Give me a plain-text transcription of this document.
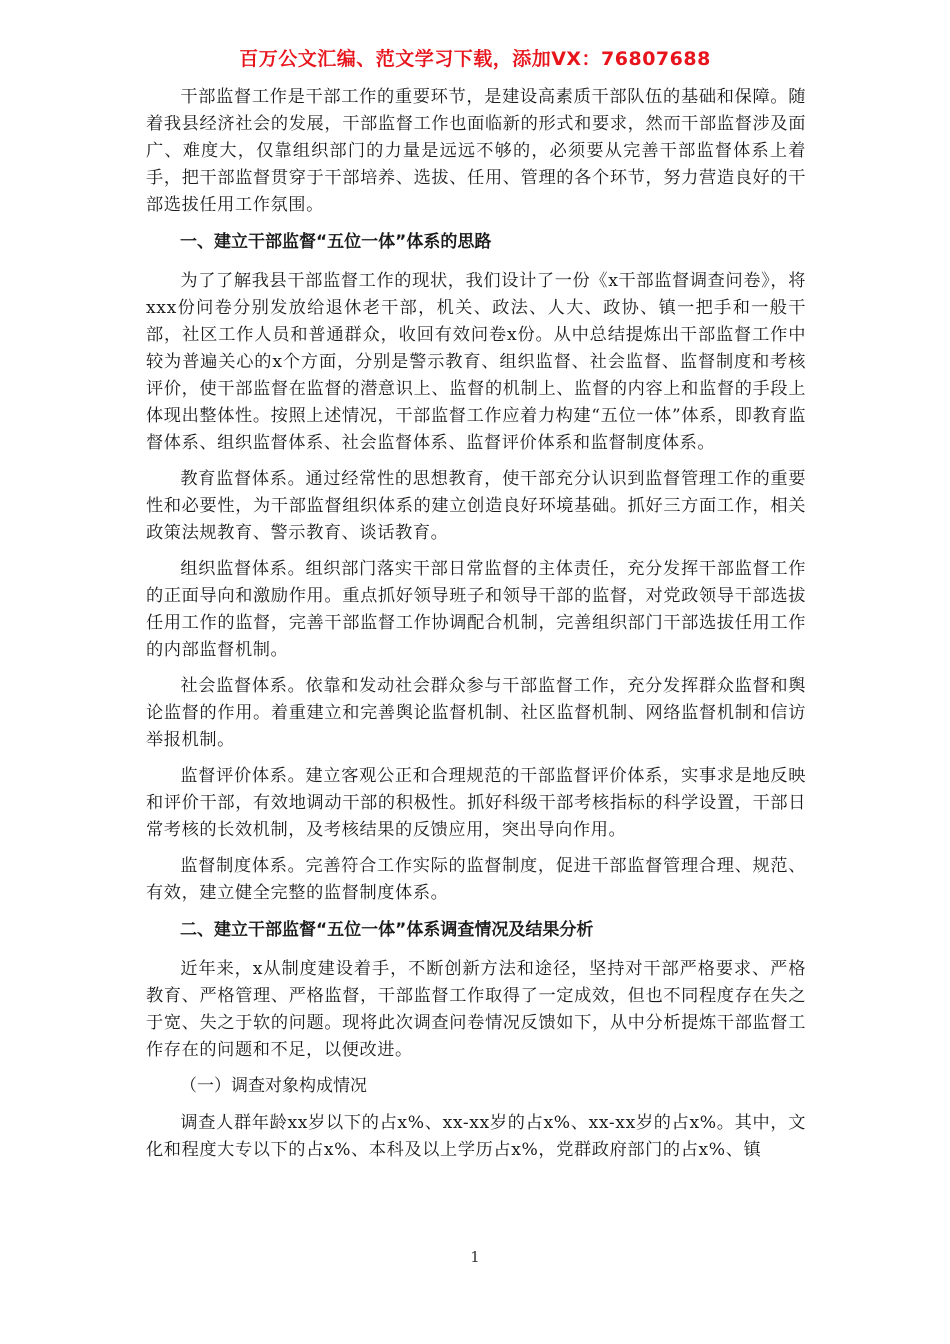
百万公文汇编、范文学习下载，添加VX：76807688

干部监督工作是干部工作的重要环节，是建设高素质干部队伍的基础和保障。随着我县经济社会的发展，干部监督工作也面临新的形式和要求，然而干部监督涉及面广、难度大，仅靠组织部门的力量是远远不够的，必须要从完善干部监督体系上着手，把干部监督贯穿于干部培养、选拔、任用、管理的各个环节，努力营造良好的干部选拔任用工作氛围。

一、建立干部监督“五位一体”体系的思路

为了了解我县干部监督工作的现状，我们设计了一份《x干部监督调查问卷》，将xxx份问卷分别发放给退休老干部，机关、政法、人大、政协、镇一把手和一般干部，社区工作人员和普通群众，收回有效问卷x份。从中总结提炼出干部监督工作中较为普遍关心的x个方面，分别是警示教育、组织监督、社会监督、监督制度和考核评价，使干部监督在监督的潜意识上、监督的机制上、监督的内容上和监督的手段上体现出整体性。按照上述情况，干部监督工作应着力构建“五位一体”体系，即教育监督体系、组织监督体系、社会监督体系、监督评价体系和监督制度体系。

教育监督体系。通过经常性的思想教育，使干部充分认识到监督管理工作的重要性和必要性，为干部监督组织体系的建立创造良好环境基础。抓好三方面工作，相关政策法规教育、警示教育、谈话教育。

组织监督体系。组织部门落实干部日常监督的主体责任，充分发挥干部监督工作的正面导向和激励作用。重点抓好领导班子和领导干部的监督，对党政领导干部选拔任用工作的监督，完善干部监督工作协调配合机制，完善组织部门干部选拔任用工作的内部监督机制。

社会监督体系。依靠和发动社会群众参与干部监督工作，充分发挥群众监督和舆论监督的作用。着重建立和完善舆论监督机制、社区监督机制、网络监督机制和信访举报机制。

监督评价体系。建立客观公正和合理规范的干部监督评价体系，实事求是地反映和评价干部，有效地调动干部的积极性。抓好科级干部考核指标的科学设置，干部日常考核的长效机制，及考核结果的反馈应用，突出导向作用。

监督制度体系。完善符合工作实际的监督制度，促进干部监督管理合理、规范、有效，建立健全完整的监督制度体系。

二、建立干部监督“五位一体”体系调查情况及结果分析

近年来，x从制度建设着手，不断创新方法和途径，坚持对干部严格要求、严格教育、严格管理、严格监督，干部监督工作取得了一定成效，但也不同程度存在失之于宽、失之于软的问题。现将此次调查问卷情况反馈如下，从中分析提炼干部监督工作存在的问题和不足，以便改进。

（一）调查对象构成情况

调查人群年龄xx岁以下的占x%、xx-xx岁的占x%、xx-xx岁的占x%。其中，文化和程度大专以下的占x%、本科及以上学历占x%，党群政府部门的占x%、镇

1
